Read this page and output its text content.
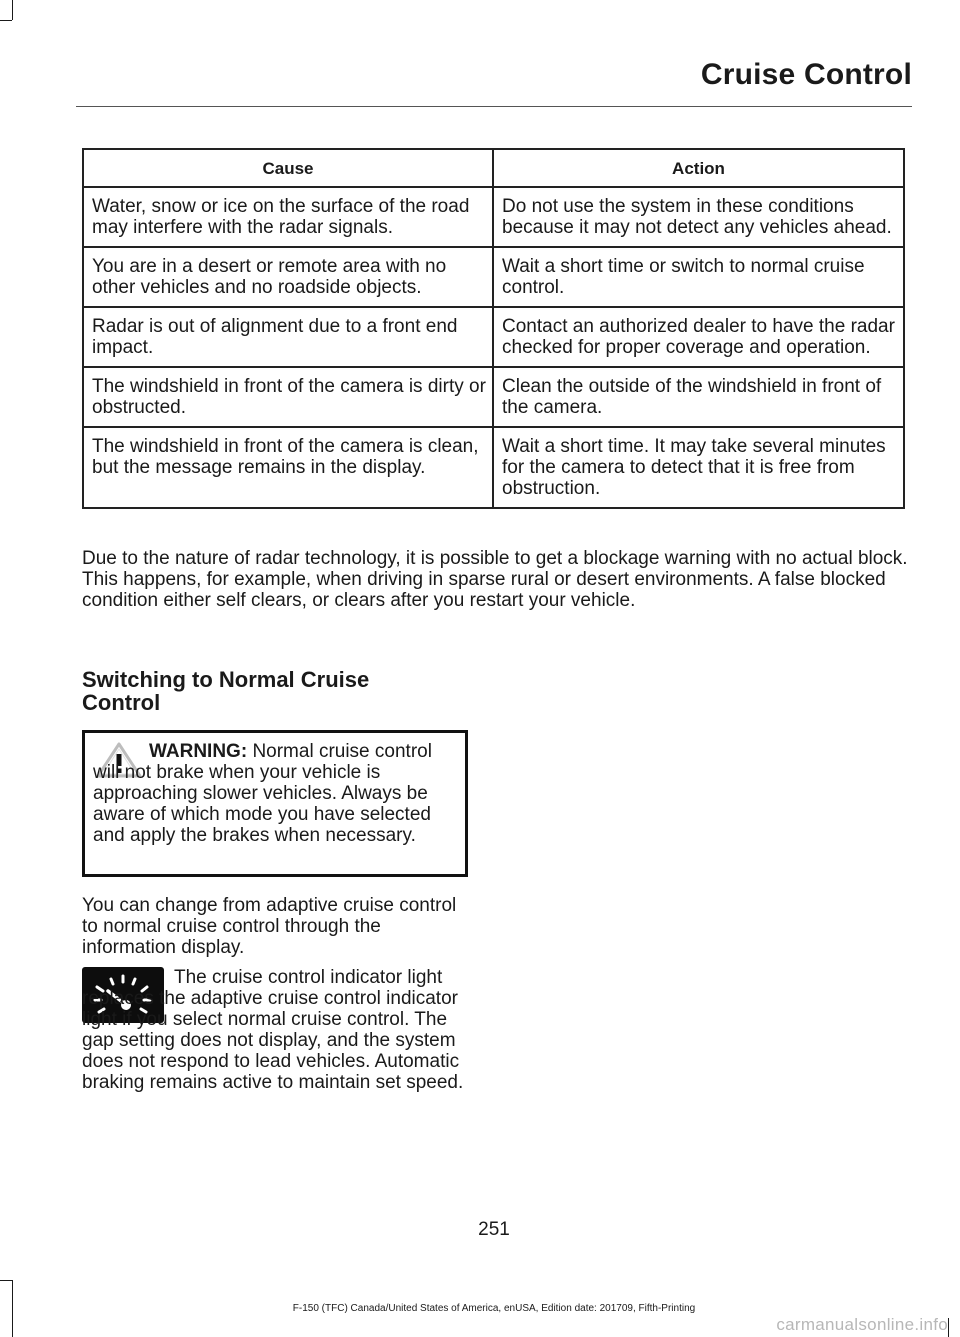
Cruise Control
Cause	Action
Water, snow or ice on the surface of the road may interfere with the radar signals.	Do not use the system in these conditions because it may not detect any vehicles ahead.
You are in a desert or remote area with no other vehicles and no roadside objects.	Wait a short time or switch to normal cruise control.
Radar is out of alignment due to a front end impact.	Contact an authorized dealer to have the radar checked for proper coverage and operation.
The windshield in front of the camera is dirty or obstructed.	Clean the outside of the windshield in front of the camera.
The windshield in front of the camera is clean, but the message remains in the display.	Wait a short time. It may take several minutes for the camera to detect that it is free from obstruction.
Due to the nature of radar technology, it is possible to get a blockage warning with no actual block. This happens, for example, when driving in sparse rural or desert environments. A false blocked condition either self clears, or clears after you restart your vehicle.
Switching to Normal Cruise Control
WARNING: Normal cruise control will not brake when your vehicle is approaching slower vehicles. Always be aware of which mode you have selected and apply the brakes when necessary.
You can change from adaptive cruise control to normal cruise control through the information display.
The cruise control indicator light replaces the adaptive cruise control indicator light if you select normal cruise control. The gap setting does not display, and the system does not respond to lead vehicles. Automatic braking remains active to maintain set speed.
251
F-150 (TFC) Canada/United States of America, enUSA, Edition date: 201709, Fifth-Printing
carmanualsonline.info
